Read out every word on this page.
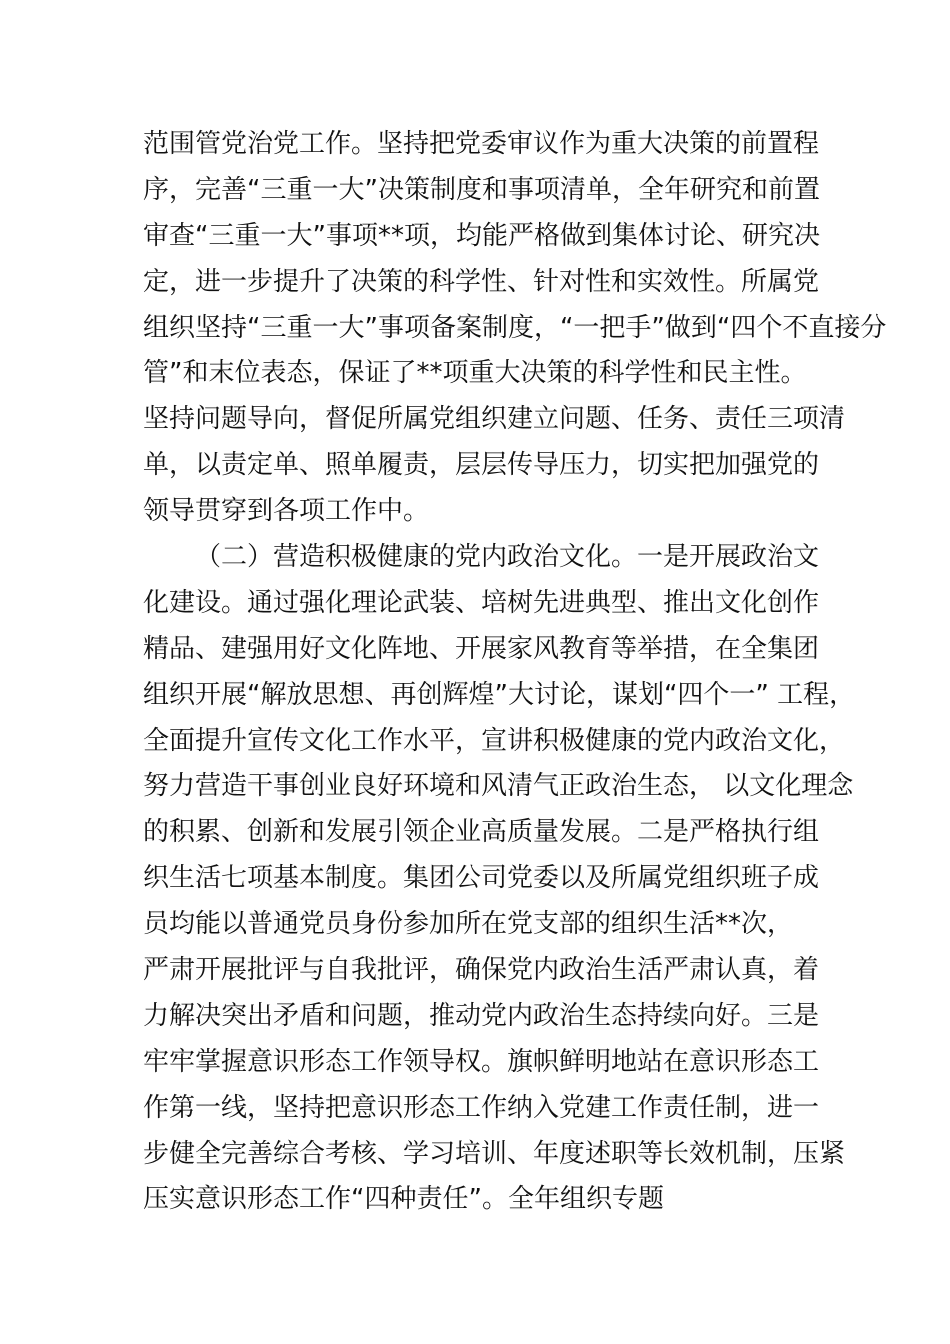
范围管党治党工作。坚持把党委审议作为重大决策的前置程
序，完善“三重一大”决策制度和事项清单，全年研究和前置
审查“三重一大”事项**项，均能严格做到集体讨论、研究决
定，进一步提升了决策的科学性、针对性和实效性。所属党
组织坚持“三重一大”事项备案制度，“一把手”做到“四个不直接分
管”和末位表态，保证了**项重大决策的科学性和民主性。
坚持问题导向，督促所属党组织建立问题、任务、责任三项清
单，以责定单、照单履责，层层传导压力，切实把加强党的
领导贯穿到各项工作中。
（二）营造积极健康的党内政治文化。一是开展政治文
化建设。通过强化理论武装、培树先进典型、推出文化创作
精品、建强用好文化阵地、开展家风教育等举措，在全集团
组织开展“解放思想、再创辉煌”大讨论，谋划“四个一” 工程，
全面提升宣传文化工作水平，宣讲积极健康的党内政治文化，
努力营造干事创业良好环境和风清气正政治生态， 以文化理念
的积累、创新和发展引领企业高质量发展。二是严格执行组
织生活七项基本制度。集团公司党委以及所属党组织班子成
员均能以普通党员身份参加所在党支部的组织生活**次，
严肃开展批评与自我批评，确保党内政治生活严肃认真，着
力解决突出矛盾和问题，推动党内政治生态持续向好。三是
牢牢掌握意识形态工作领导权。旗帜鲜明地站在意识形态工
作第一线，坚持把意识形态工作纳入党建工作责任制，进一
步健全完善综合考核、学习培训、年度述职等长效机制，压紧
压实意识形态工作“四种责任”。全年组织专题
